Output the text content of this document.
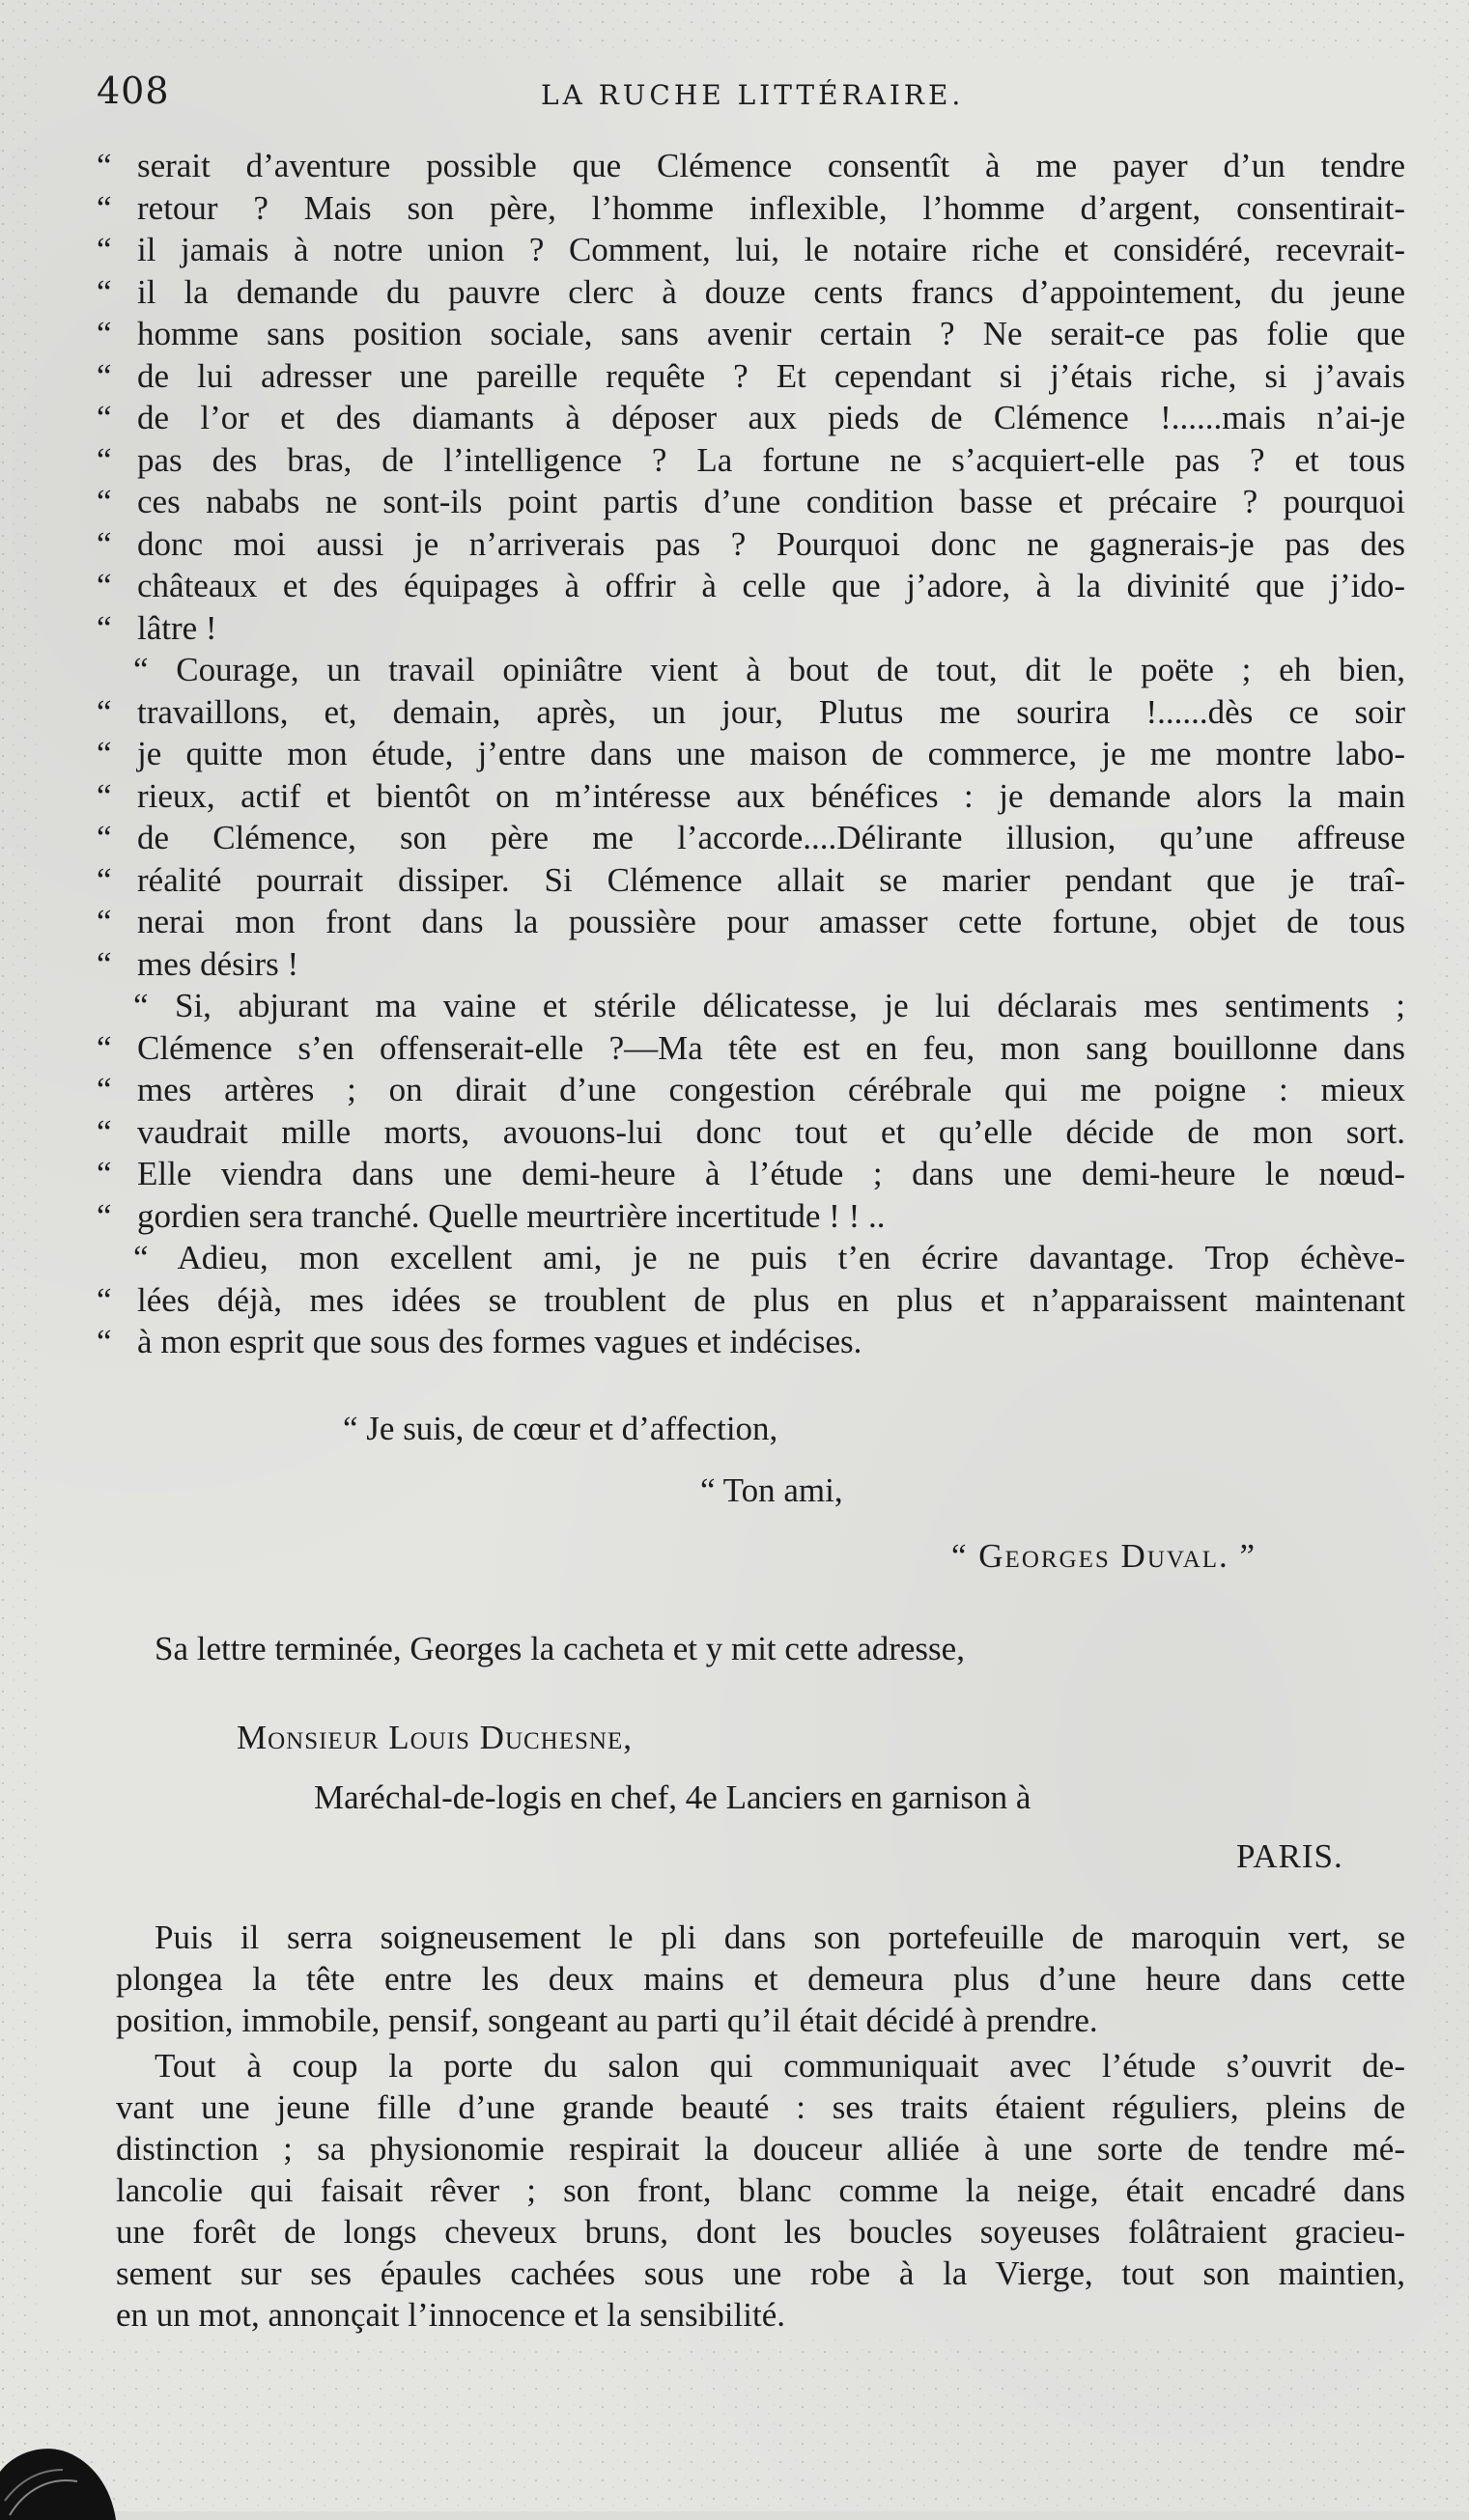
408	LA RUCHE LITTÉRAIRE.
“ serait d’aventure possible que Clémence consentît à me payer d’un tendre
“ retour ? Mais son père, l’homme inflexible, l’homme d’argent, consentirait-
“ il jamais à notre union ? Comment, lui, le notaire riche et considéré, recevrait-
“ il la demande du pauvre clerc à douze cents francs d’appointement, du jeune
“ homme sans position sociale, sans avenir certain ? Ne serait-ce pas folie que
“ de lui adresser une pareille requête ? Et cependant si j’étais riche, si j’avais
“ de l’or et des diamants à déposer aux pieds de Clémence !......mais n’ai-je
“ pas des bras, de l’intelligence ? La fortune ne s’acquiert-elle pas ? et tous
“ ces nababs ne sont-ils point partis d’une condition basse et précaire ? pourquoi
“ donc moi aussi je n’arriverais pas ? Pourquoi donc ne gagnerais-je pas des
“ châteaux et des équipages à offrir à celle que j’adore, à la divinité que j’ido-
“ lâtre !
“ Courage, un travail opiniâtre vient à bout de tout, dit le poëte ; eh bien,
“ travaillons, et, demain, après, un jour, Plutus me sourira !......dès ce soir
“ je quitte mon étude, j’entre dans une maison de commerce, je me montre labo-
“ rieux, actif et bientôt on m’intéresse aux bénéfices : je demande alors la main
“ de Clémence, son père me l’accorde....Délirante illusion, qu’une affreuse
“ réalité pourrait dissiper. Si Clémence allait se marier pendant que je traî-
“ nerai mon front dans la poussière pour amasser cette fortune, objet de tous
“ mes désirs !
“ Si, abjurant ma vaine et stérile délicatesse, je lui déclarais mes sentiments ;
“ Clémence s’en offenserait-elle ?—Ma tête est en feu, mon sang bouillonne dans
“ mes artères ; on dirait d’une congestion cérébrale qui me poigne : mieux
“ vaudrait mille morts, avouons-lui donc tout et qu’elle décide de mon sort.
“ Elle viendra dans une demi-heure à l’étude ; dans une demi-heure le nœud-
“ gordien sera tranché. Quelle meurtrière incertitude ! ! ..
“ Adieu, mon excellent ami, je ne puis t’en écrire davantage. Trop échève-
“ lées déjà, mes idées se troublent de plus en plus et n’apparaissent maintenant
“ à mon esprit que sous des formes vagues et indécises.
“ Je suis, de cœur et d’affection,
“ Ton ami,
“ Georges Duval. ”
Sa lettre terminée, Georges la cacheta et y mit cette adresse,
Monsieur Louis Duchesne,
Maréchal-de-logis en chef, 4e Lanciers en garnison à
PARIS.
Puis il serra soigneusement le pli dans son portefeuille de maroquin vert, se
plongea la tête entre les deux mains et demeura plus d’une heure dans cette
position, immobile, pensif, songeant au parti qu’il était décidé à prendre.
Tout à coup la porte du salon qui communiquait avec l’étude s’ouvrit de-
vant une jeune fille d’une grande beauté : ses traits étaient réguliers, pleins de
distinction ; sa physionomie respirait la douceur alliée à une sorte de tendre mé-
lancolie qui faisait rêver ; son front, blanc comme la neige, était encadré dans
une forêt de longs cheveux bruns, dont les boucles soyeuses folâtraient gracieu-
sement sur ses épaules cachées sous une robe à la Vierge, tout son maintien,
en un mot, annonçait l’innocence et la sensibilité.
